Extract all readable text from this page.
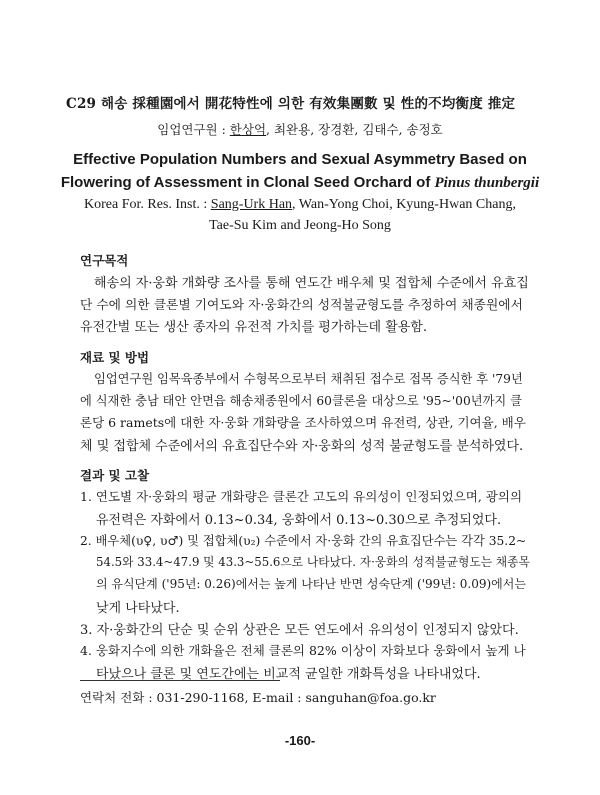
C29 해송 採種園에서 開花特性에 의한 有效集團數 및 性的不均衡度 推定
임업연구원 : 한상억, 최완용, 장경환, 김태수, 송정호
Effective Population Numbers and Sexual Asymmetry Based on
Flowering of Assessment in Clonal Seed Orchard of Pinus thunbergii
Korea For. Res. Inst. : Sang-Urk Han, Wan-Yong Choi, Kyung-Hwan Chang,
Tae-Su Kim and Jeong-Ho Song
연구목적
해송의 자·웅화 개화량 조사를 통해 연도간 배우체 및 접합체 수준에서 유효집
단 수에 의한 클론별 기여도와 자·웅화간의 성적불균형도를 추정하여 채종원에서
유전간벌 또는 생산 종자의 유전적 가치를 평가하는데 활용함.
재료 및 방법
임업연구원 임목육종부에서 수형목으로부터 채취된 접수로 접목 증식한 후 '79년
에 식재한 충남 태안 안면읍 해송채종원에서 60클론을 대상으로 '95~'00년까지 클
론당 6 ramets에 대한 자·웅화 개화량을 조사하였으며 유전력, 상관, 기여율, 배우
체 및 접합체 수준에서의 유효집단수와 자·웅화의 성적 불균형도를 분석하였다.
결과 및 고찰
1. 연도별 자·웅화의 평균 개화량은 클론간 고도의 유의성이 인정되었으며, 광의의
유전력은 자화에서 0.13~0.34, 웅화에서 0.13~0.30으로 추정되었다.
2. 배우체(υ♀, υ♂) 및 접합체(υ₂) 수준에서 자·웅화 간의 유효집단수는 각각 35.2~
54.5와 33.4~47.9 및 43.3~55.6으로 나타났다. 자·웅화의 성적불균형도는 채종목
의 유식단계 ('95년: 0.26)에서는 높게 나타난 반면 성숙단계 ('99년: 0.09)에서는
낮게 나타났다.
3. 자·웅화간의 단순 및 순위 상관은 모든 연도에서 유의성이 인정되지 않았다.
4. 웅화지수에 의한 개화율은 전체 클론의 82% 이상이 자화보다 웅화에서 높게 나
타났으나 클론 및 연도간에는 비교적 균일한 개화특성을 나타내었다.
연락처 전화 : 031-290-1168, E-mail : sanguhan@foa.go.kr
-160-
